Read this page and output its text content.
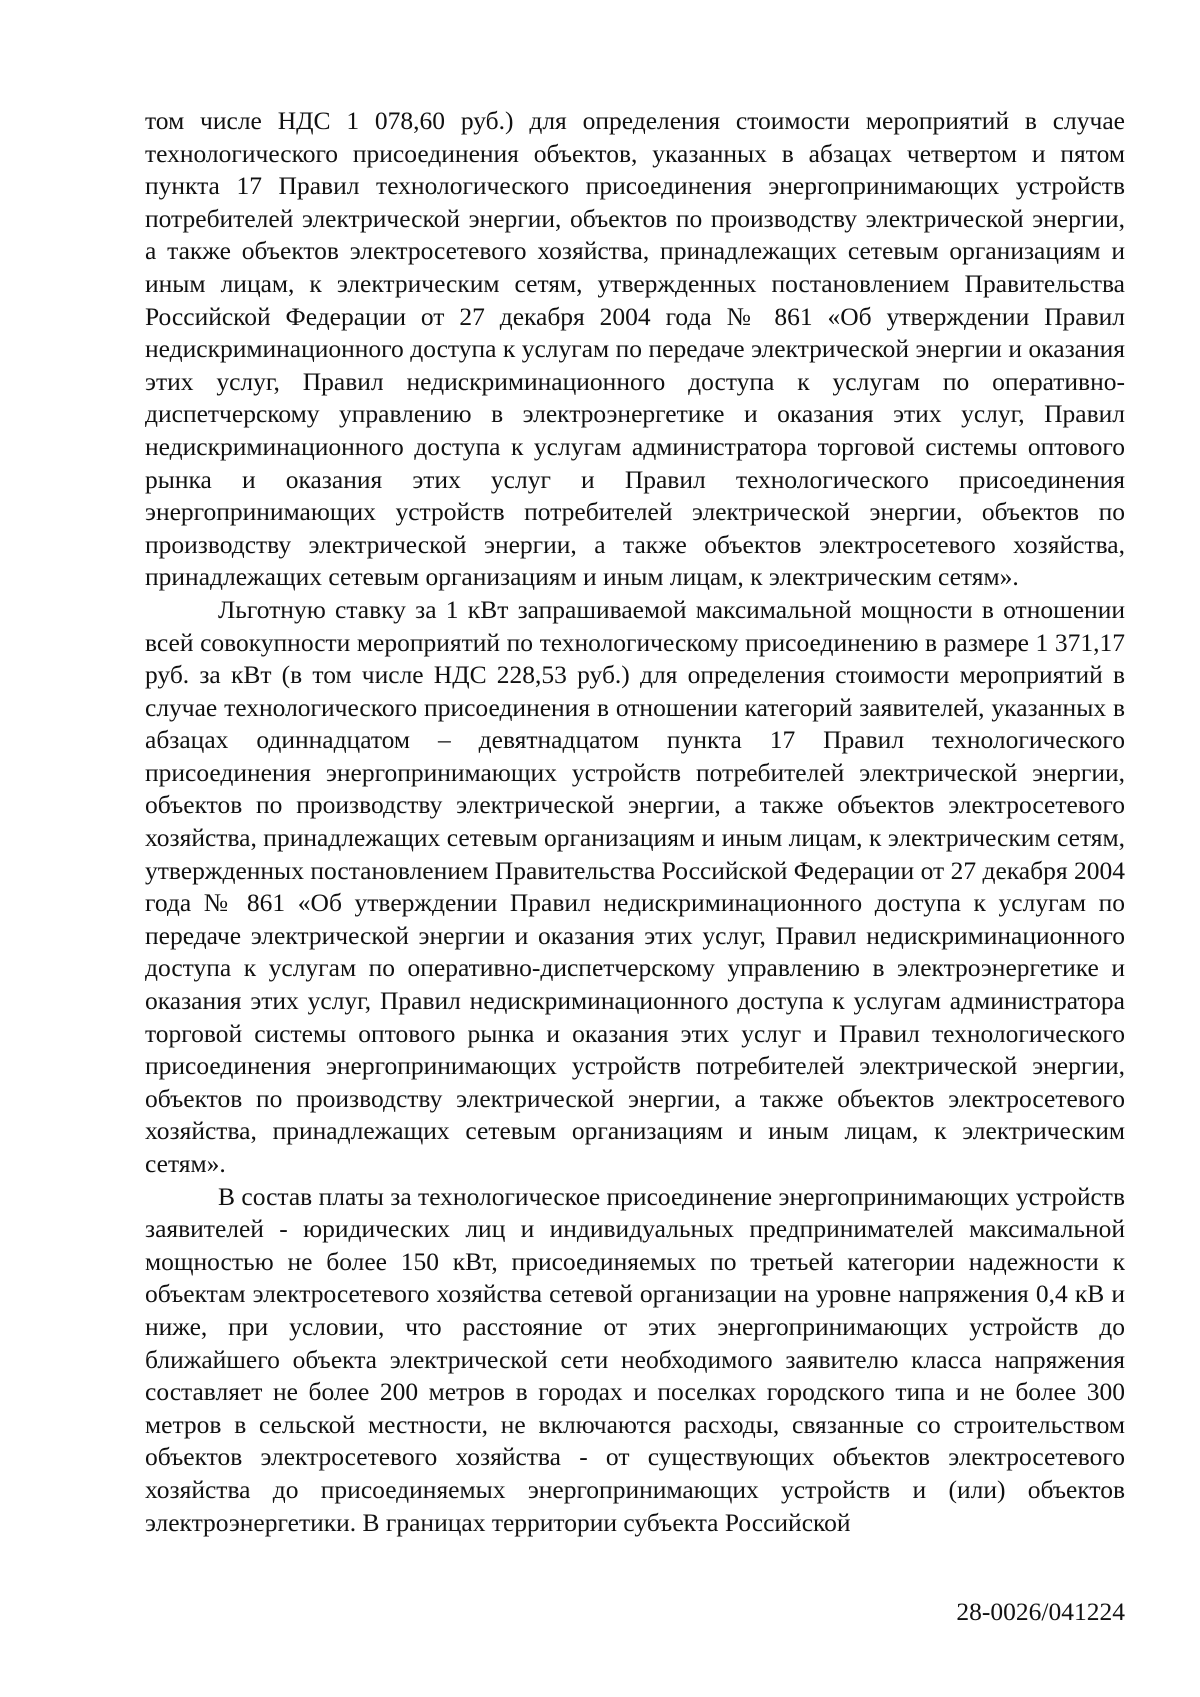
том числе НДС 1 078,60 руб.) для определения стоимости мероприятий в случае технологического присоединения объектов, указанных в абзацах четвертом и пятом пункта 17 Правил технологического присоединения энергопринимающих устройств потребителей электрической энергии, объектов по производству электрической энергии, а также объектов электросетевого хозяйства, принадлежащих сетевым организациям и иным лицам, к электрическим сетям, утвержденных постановлением Правительства Российской Федерации от 27 декабря 2004 года № 861 «Об утверждении Правил недискриминационного доступа к услугам по передаче электрической энергии и оказания этих услуг, Правил недискриминационного доступа к услугам по оперативно-диспетчерскому управлению в электроэнергетике и оказания этих услуг, Правил недискриминационного доступа к услугам администратора торговой системы оптового рынка и оказания этих услуг и Правил технологического присоединения энергопринимающих устройств потребителей электрической энергии, объектов по производству электрической энергии, а также объектов электросетевого хозяйства, принадлежащих сетевым организациям и иным лицам, к электрическим сетям».

Льготную ставку за 1 кВт запрашиваемой максимальной мощности в отношении всей совокупности мероприятий по технологическому присоединению в размере 1 371,17 руб. за кВт (в том числе НДС 228,53 руб.) для определения стоимости мероприятий в случае технологического присоединения в отношении категорий заявителей, указанных в абзацах одиннадцатом – девятнадцатом пункта 17 Правил технологического присоединения энергопринимающих устройств потребителей электрической энергии, объектов по производству электрической энергии, а также объектов электросетевого хозяйства, принадлежащих сетевым организациям и иным лицам, к электрическим сетям, утвержденных постановлением Правительства Российской Федерации от 27 декабря 2004 года № 861 «Об утверждении Правил недискриминационного доступа к услугам по передаче электрической энергии и оказания этих услуг, Правил недискриминационного доступа к услугам по оперативно-диспетчерскому управлению в электроэнергетике и оказания этих услуг, Правил недискриминационного доступа к услугам администратора торговой системы оптового рынка и оказания этих услуг и Правил технологического присоединения энергопринимающих устройств потребителей электрической энергии, объектов по производству электрической энергии, а также объектов электросетевого хозяйства, принадлежащих сетевым организациям и иным лицам, к электрическим сетям».

В состав платы за технологическое присоединение энергопринимающих устройств заявителей - юридических лиц и индивидуальных предпринимателей максимальной мощностью не более 150 кВт, присоединяемых по третьей категории надежности к объектам электросетевого хозяйства сетевой организации на уровне напряжения 0,4 кВ и ниже, при условии, что расстояние от этих энергопринимающих устройств до ближайшего объекта электрической сети необходимого заявителю класса напряжения составляет не более 200 метров в городах и поселках городского типа и не более 300 метров в сельской местности, не включаются расходы, связанные со строительством объектов электросетевого хозяйства - от существующих объектов электросетевого хозяйства до присоединяемых энергопринимающих устройств и (или) объектов электроэнергетики. В границах территории субъекта Российской

28-0026/041224
